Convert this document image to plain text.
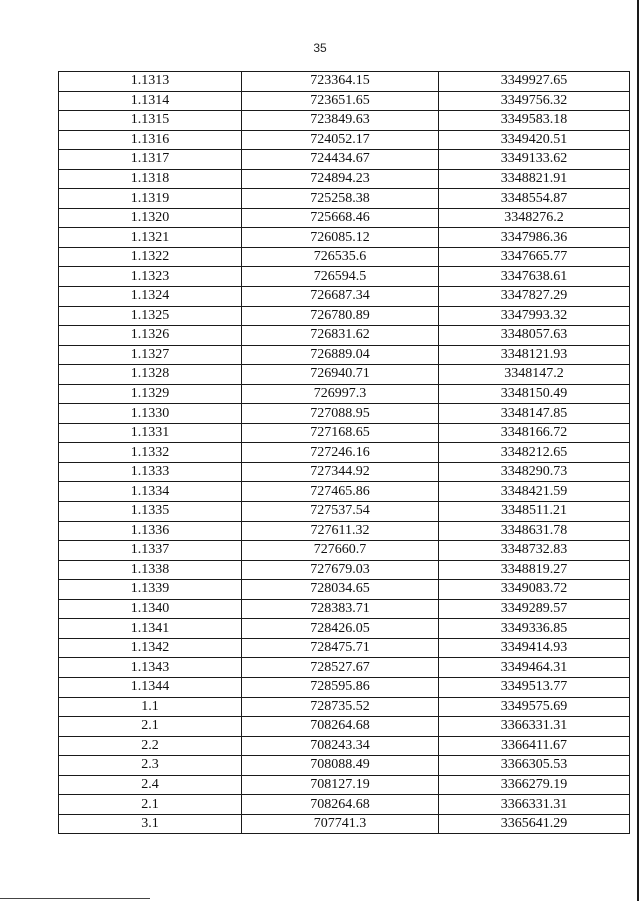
35
1.1313	723364.15	3349927.65
1.1314	723651.65	3349756.32
1.1315	723849.63	3349583.18
1.1316	724052.17	3349420.51
1.1317	724434.67	3349133.62
1.1318	724894.23	3348821.91
1.1319	725258.38	3348554.87
1.1320	725668.46	3348276.2
1.1321	726085.12	3347986.36
1.1322	726535.6	3347665.77
1.1323	726594.5	3347638.61
1.1324	726687.34	3347827.29
1.1325	726780.89	3347993.32
1.1326	726831.62	3348057.63
1.1327	726889.04	3348121.93
1.1328	726940.71	3348147.2
1.1329	726997.3	3348150.49
1.1330	727088.95	3348147.85
1.1331	727168.65	3348166.72
1.1332	727246.16	3348212.65
1.1333	727344.92	3348290.73
1.1334	727465.86	3348421.59
1.1335	727537.54	3348511.21
1.1336	727611.32	3348631.78
1.1337	727660.7	3348732.83
1.1338	727679.03	3348819.27
1.1339	728034.65	3349083.72
1.1340	728383.71	3349289.57
1.1341	728426.05	3349336.85
1.1342	728475.71	3349414.93
1.1343	728527.67	3349464.31
1.1344	728595.86	3349513.77
1.1	728735.52	3349575.69
2.1	708264.68	3366331.31
2.2	708243.34	3366411.67
2.3	708088.49	3366305.53
2.4	708127.19	3366279.19
2.1	708264.68	3366331.31
3.1	707741.3	3365641.29
